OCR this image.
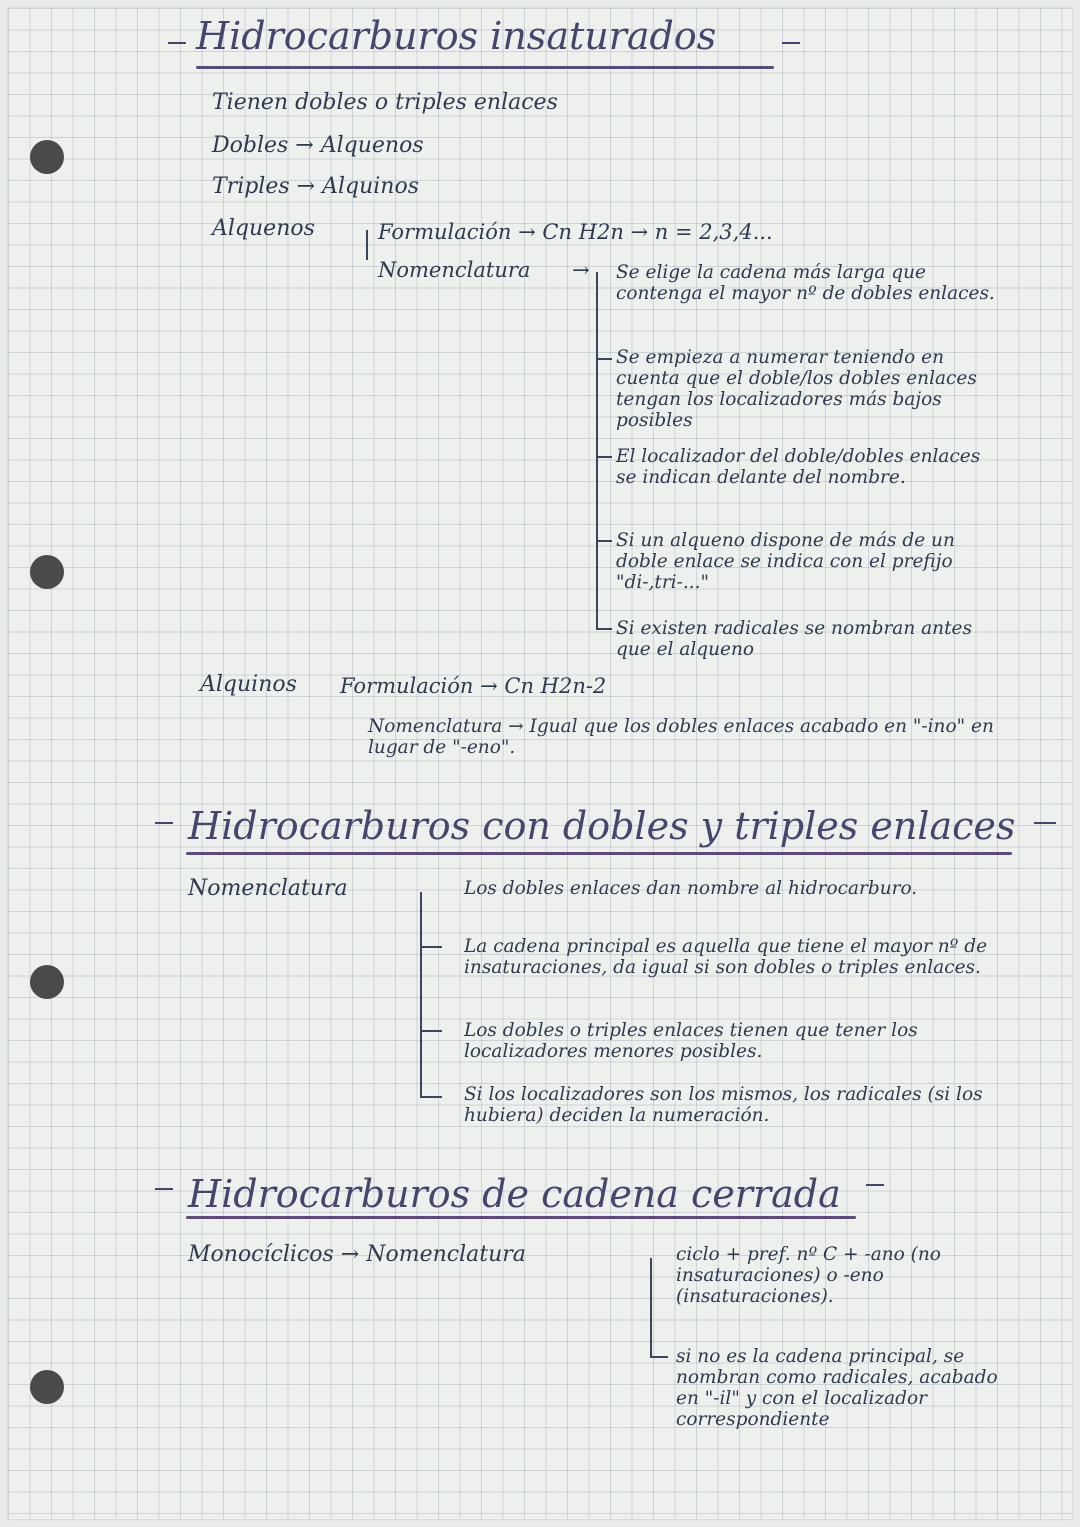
Hidrocarburos insaturados
Tienen dobles o triples enlaces
Dobles → Alquenos
Triples → Alquinos
Alquenos	Formulación → Cn H2n → n = 2,3,4...
Nomenclatura → Se elige la cadena más larga que contenga el mayor nº de dobles enlaces.
Se empieza a numerar teniendo en cuenta que el doble/los dobles enlaces tengan los localizadores más bajos posibles
El localizador del doble/dobles enlaces se indican delante del nombre.
Si un alqueno dispone de más de un doble enlace se indica con el prefijo "di-,tri-..."
Si existen radicales se nombran antes que el alqueno
Alquinos Formulación → Cn H2n-2
Nomenclatura → Igual que los dobles enlaces acabado en "-ino" en lugar de "-eno".
Hidrocarburos con dobles y triples enlaces
Nomenclatura	Los dobles enlaces dan nombre al hidrocarburo.
La cadena principal es aquella que tiene el mayor nº de insaturaciones, da igual si son dobles o triples enlaces.
Los dobles o triples enlaces tienen que tener los localizadores menores posibles.
Si los localizadores son los mismos, los radicales (si los hubiera) deciden la numeración.
Hidrocarburos de cadena cerrada
Monocíclicos → Nomenclatura	ciclo + pref. nº C + -ano (no insaturaciones) o -eno (insaturaciones).
si no es la cadena principal, se nombran como radicales, acabado en "-il" y con el localizador correspondiente
